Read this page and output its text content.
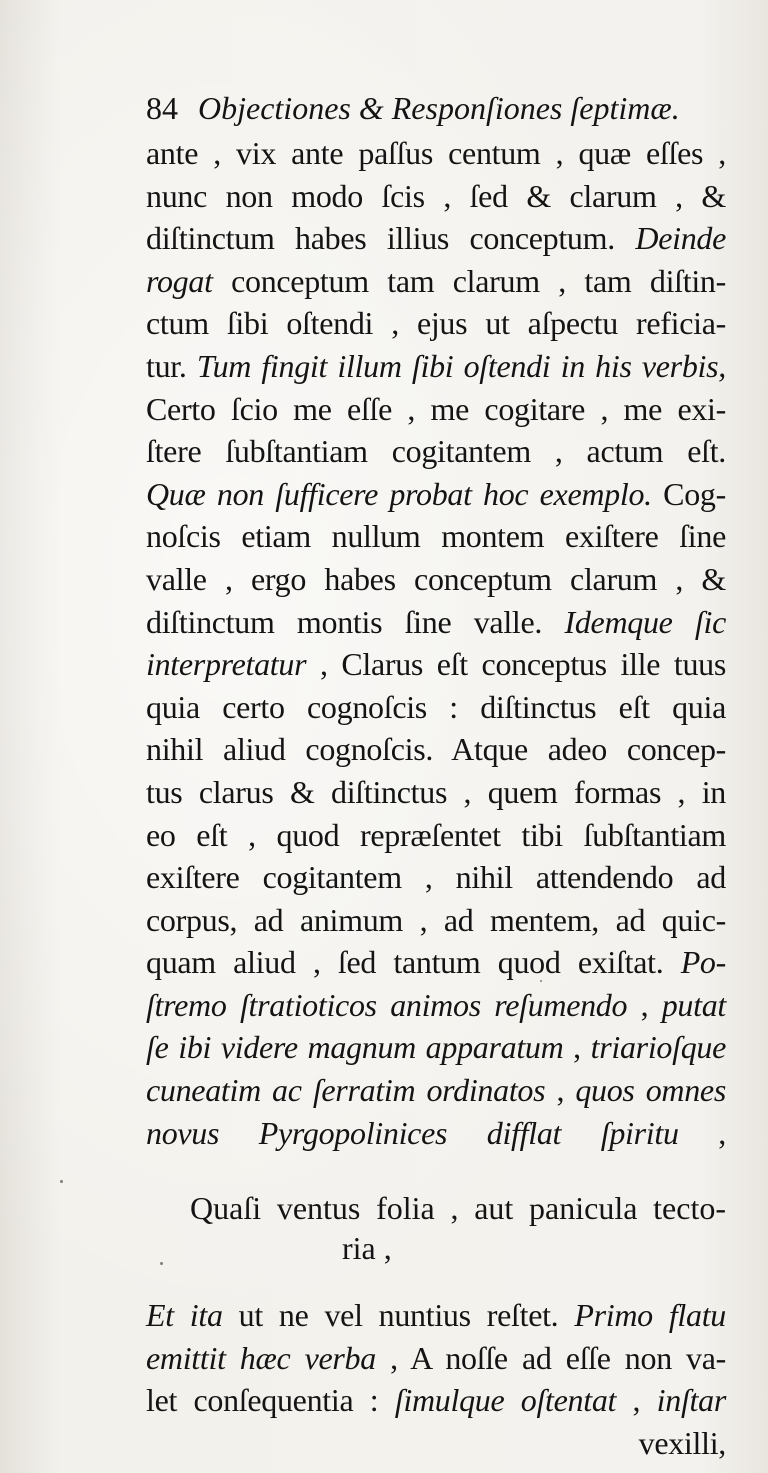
84 Objectiones & Responſiones ſeptimæ.
ante , vix ante paſſus centum , quæ eſſes ,
nunc non modo ſcis , ſed & clarum , &
diſtinctum habes illius conceptum. Deinde
rogat conceptum tam clarum , tam diſtin-
ctum ſibi oſtendi , ejus ut aſpectu reficia-
tur. Tum fingit illum ſibi oſtendi in his verbis,
Certo ſcio me eſſe , me cogitare , me exi-
ſtere ſubſtantiam cogitantem , actum eſt.
Quæ non ſufficere probat hoc exemplo. Cog-
noſcis etiam nullum montem exiſtere ſine
valle , ergo habes conceptum clarum , &
diſtinctum montis ſine valle. Idemque ſic
interpretatur , Clarus eſt conceptus ille tuus
quia certo cognoſcis : diſtinctus eſt quia
nihil aliud cognoſcis. Atque adeo concep-
tus clarus & diſtinctus , quem formas , in
eo eſt , quod repræſentet tibi ſubſtantiam
exiſtere cogitantem , nihil attendendo ad
corpus, ad animum , ad mentem, ad quic-
quam aliud , ſed tantum quod exiſtat. Po-
ſtremo ſtratioticos animos reſumendo , putat
ſe ibi videre magnum apparatum , triarioſque
cuneatim ac ſerratim ordinatos , quos omnes
novus Pyrgopolinices difflat ſpiritu ,
Quaſi ventus folia , aut panicula tecto-
ria ,
Et ita ut ne vel nuntius reſtet. Primo flatu
emittit hæc verba , A noſſe ad eſſe non va-
let conſequentia : ſimulque oſtentat , inſtar
vexilli,
